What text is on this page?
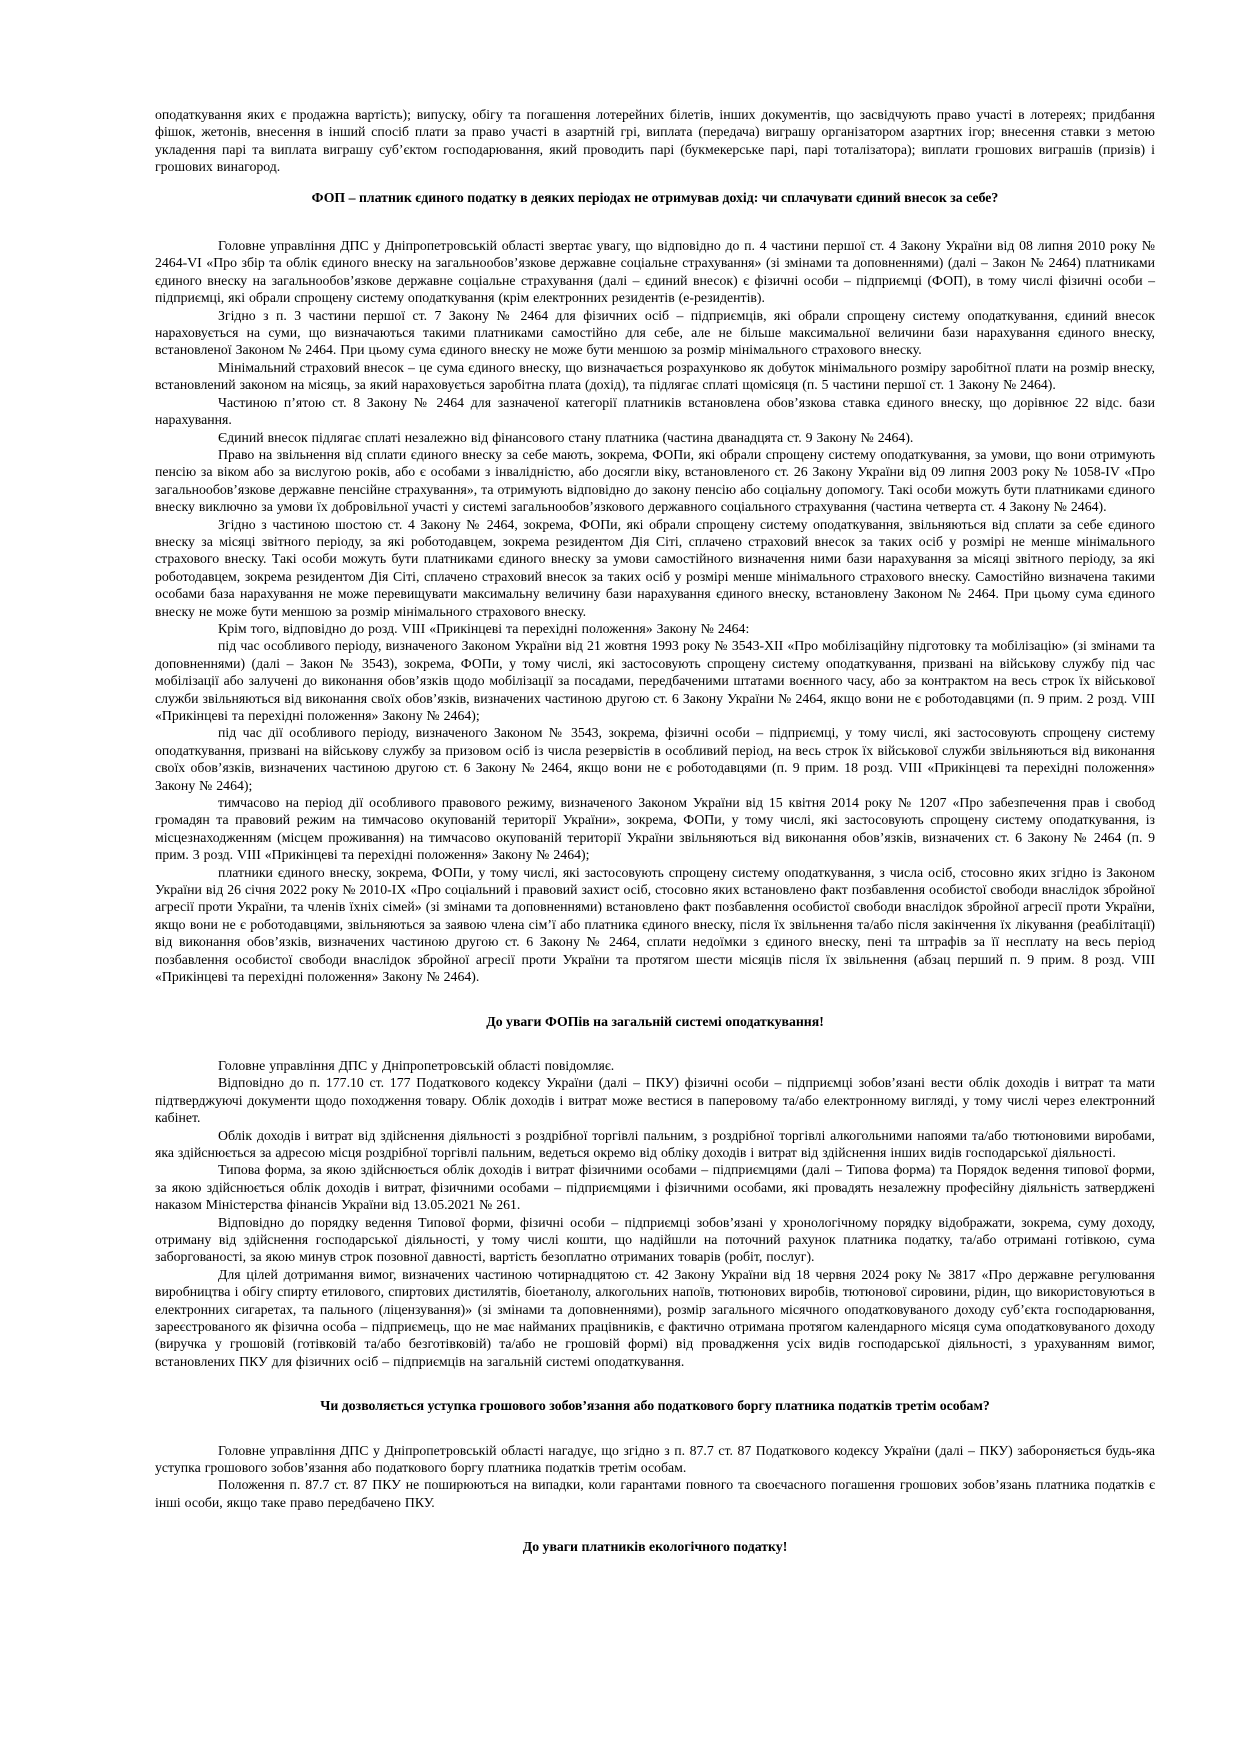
оподаткування яких є продажна вартість); випуску, обігу та погашення лотерейних білетів, інших документів, що засвідчують право участі в лотереях; придбання фішок, жетонів, внесення в інший спосіб плати за право участі в азартній грі, виплата (передача) виграшу організатором азартних ігор; внесення ставки з метою укладення парі та виплата виграшу суб’єктом господарювання, який проводить парі (букмекерське парі, парі тоталізатора); виплати грошових виграшів (призів) і грошових винагород.

ФОП – платник єдиного податку в деяких періодах не отримував дохід: чи сплачувати єдиний внесок за себе?

Головне управління ДПС у Дніпропетровській області звертає увагу, що відповідно до п. 4 частини першої ст. 4 Закону України від 08 липня 2010 року № 2464-VI «Про збір та облік єдиного внеску на загальнообов’язкове державне соціальне страхування» (зі змінами та доповненнями) (далі – Закон № 2464) платниками єдиного внеску на загальнообов’язкове державне соціальне страхування (далі – єдиний внесок) є фізичні особи – підприємці (ФОП), в тому числі фізичні особи – підприємці, які обрали спрощену систему оподаткування (крім електронних резидентів (е-резидентів).

Згідно з п. 3 частини першої ст. 7 Закону № 2464 для фізичних осіб – підприємців, які обрали спрощену систему оподаткування, єдиний внесок нараховується на суми, що визначаються такими платниками самостійно для себе, але не більше максимальної величини бази нарахування єдиного внеску, встановленої Законом № 2464. При цьому сума єдиного внеску не може бути меншою за розмір мінімального страхового внеску.

Мінімальний страховий внесок – це сума єдиного внеску, що визначається розрахунково як добуток мінімального розміру заробітної плати на розмір внеску, встановлений законом на місяць, за який нараховується заробітна плата (дохід), та підлягає сплаті щомісяця (п. 5 частини першої ст. 1 Закону № 2464).

Частиною п’ятою ст. 8 Закону № 2464 для зазначеної категорії платників встановлена обов’язкова ставка єдиного внеску, що дорівнює 22 відс. бази нарахування.

Єдиний внесок підлягає сплаті незалежно від фінансового стану платника (частина дванадцята ст. 9 Закону № 2464).

Право на звільнення від сплати єдиного внеску за себе мають, зокрема, ФОПи, які обрали спрощену систему оподаткування, за умови, що вони отримують пенсію за віком або за вислугою років, або є особами з інвалідністю, або досягли віку, встановленого ст. 26 Закону України від 09 липня 2003 року № 1058-IV «Про загальнообов’язкове державне пенсійне страхування», та отримують відповідно до закону пенсію або соціальну допомогу. Такі особи можуть бути платниками єдиного внеску виключно за умови їх добровільної участі у системі загальнообов’язкового державного соціального страхування (частина четверта ст. 4 Закону № 2464).

Згідно з частиною шостою ст. 4 Закону № 2464, зокрема, ФОПи, які обрали спрощену систему оподаткування, звільняються від сплати за себе єдиного внеску за місяці звітного періоду, за які роботодавцем, зокрема резидентом Дія Сіті, сплачено страховий внесок за таких осіб у розмірі не менше мінімального страхового внеску. Такі особи можуть бути платниками єдиного внеску за умови самостійного визначення ними бази нарахування за місяці звітного періоду, за які роботодавцем, зокрема резидентом Дія Сіті, сплачено страховий внесок за таких осіб у розмірі менше мінімального страхового внеску. Самостійно визначена такими особами база нарахування не може перевищувати максимальну величину бази нарахування єдиного внеску, встановлену Законом № 2464. При цьому сума єдиного внеску не може бути меншою за розмір мінімального страхового внеску.

Крім того, відповідно до розд. VIII «Прикінцеві та перехідні положення» Закону № 2464:

під час особливого періоду, визначеного Законом України від 21 жовтня 1993 року № 3543-XII «Про мобілізаційну підготовку та мобілізацію» (зі змінами та доповненнями) (далі – Закон № 3543), зокрема, ФОПи, у тому числі, які застосовують спрощену систему оподаткування, призвані на військову службу під час мобілізації або залучені до виконання обов’язків щодо мобілізації за посадами, передбаченими штатами воєнного часу, або за контрактом на весь строк їх військової служби звільняються від виконання своїх обов’язків, визначених частиною другою ст. 6 Закону України № 2464, якщо вони не є роботодавцями (п. 9 прим. 2 розд. VIII «Прикінцеві та перехідні положення» Закону № 2464);

під час дії особливого періоду, визначеного Законом № 3543, зокрема, фізичні особи – підприємці, у тому числі, які застосовують спрощену систему оподаткування, призвані на військову службу за призовом осіб із числа резервістів в особливий період, на весь строк їх військової служби звільняються від виконання своїх обов’язків, визначених частиною другою ст. 6 Закону № 2464, якщо вони не є роботодавцями (п. 9 прим. 18 розд. VIII «Прикінцеві та перехідні положення» Закону № 2464);

тимчасово на період дії особливого правового режиму, визначеного Законом України від 15 квітня 2014 року № 1207 «Про забезпечення прав і свобод громадян та правовий режим на тимчасово окупованій території України», зокрема, ФОПи, у тому числі, які застосовують спрощену систему оподаткування, із місцезнаходженням (місцем проживання) на тимчасово окупованій території України звільняються від виконання обов’язків, визначених ст. 6 Закону № 2464 (п. 9 прим. 3 розд. VIII «Прикінцеві та перехідні положення» Закону № 2464);

платники єдиного внеску, зокрема, ФОПи, у тому числі, які застосовують спрощену систему оподаткування, з числа осіб, стосовно яких згідно із Законом України від 26 січня 2022 року № 2010-IX «Про соціальний і правовий захист осіб, стосовно яких встановлено факт позбавлення особистої свободи внаслідок збройної агресії проти України, та членів їхніх сімей» (зі змінами та доповненнями) встановлено факт позбавлення особистої свободи внаслідок збройної агресії проти України, якщо вони не є роботодавцями, звільняються за заявою члена сім’ї або платника єдиного внеску, після їх звільнення та/або після закінчення їх лікування (реабілітації) від виконання обов’язків, визначених частиною другою ст. 6 Закону № 2464, сплати недоїмки з єдиного внеску, пені та штрафів за її несплату на весь період позбавлення особистої свободи внаслідок збройної агресії проти України та протягом шести місяців після їх звільнення (абзац перший п. 9 прим. 8 розд. VIII «Прикінцеві та перехідні положення» Закону № 2464).

До уваги ФОПів на загальній системі оподаткування!

Головне управління ДПС у Дніпропетровській області повідомляє.

Відповідно до п. 177.10 ст. 177 Податкового кодексу України (далі – ПКУ) фізичні особи – підприємці зобов’язані вести облік доходів і витрат та мати підтверджуючі документи щодо походження товару. Облік доходів і витрат може вестися в паперовому та/або електронному вигляді, у тому числі через електронний кабінет.

Облік доходів і витрат від здійснення діяльності з роздрібної торгівлі пальним, з роздрібної торгівлі алкогольними напоями та/або тютюновими виробами, яка здійснюється за адресою місця роздрібної торгівлі пальним, ведеться окремо від обліку доходів і витрат від здійснення інших видів господарської діяльності.

Типова форма, за якою здійснюється облік доходів і витрат фізичними особами – підприємцями (далі – Типова форма) та Порядок ведення типової форми, за якою здійснюється облік доходів і витрат, фізичними особами – підприємцями і фізичними особами, які провадять незалежну професійну діяльність затверджені наказом Міністерства фінансів України від 13.05.2021 № 261.

Відповідно до порядку ведення Типової форми, фізичні особи – підприємці зобов’язані у хронологічному порядку відображати, зокрема, суму доходу, отриману від здійснення господарської діяльності, у тому числі кошти, що надійшли на поточний рахунок платника податку, та/або отримані готівкою, сума заборгованості, за якою минув строк позовної давності, вартість безоплатно отриманих товарів (робіт, послуг).

Для цілей дотримання вимог, визначених частиною чотирнадцятою ст. 42 Закону України від 18 червня 2024 року № 3817 «Про державне регулювання виробництва і обігу спирту етилового, спиртових дистилятів, біоетанолу, алкогольних напоїв, тютюнових виробів, тютюнової сировини, рідин, що використовуються в електронних сигаретах, та пального (ліцензування)» (зі змінами та доповненнями), розмір загального місячного оподатковуваного доходу суб’єкта господарювання, зареєстрованого як фізична особа – підприємець, що не має найманих працівників, є фактично отримана протягом календарного місяця сума оподатковуваного доходу (виручка у грошовій (готівковій та/або безготівковій) та/або не грошовій формі) від провадження усіх видів господарської діяльності, з урахуванням вимог, встановлених ПКУ для фізичних осіб – підприємців на загальній системі оподаткування.

Чи дозволяється уступка грошового зобов’язання або податкового боргу платника податків третім особам?

Головне управління ДПС у Дніпропетровській області нагадує, що згідно з п. 87.7 ст. 87 Податкового кодексу України (далі – ПКУ) забороняється будь-яка уступка грошового зобов’язання або податкового боргу платника податків третім особам.

Положення п. 87.7 ст. 87 ПКУ не поширюються на випадки, коли гарантами повного та своєчасного погашення грошових зобов’язань платника податків є інші особи, якщо таке право передбачено ПКУ.

До уваги платників екологічного податку!
